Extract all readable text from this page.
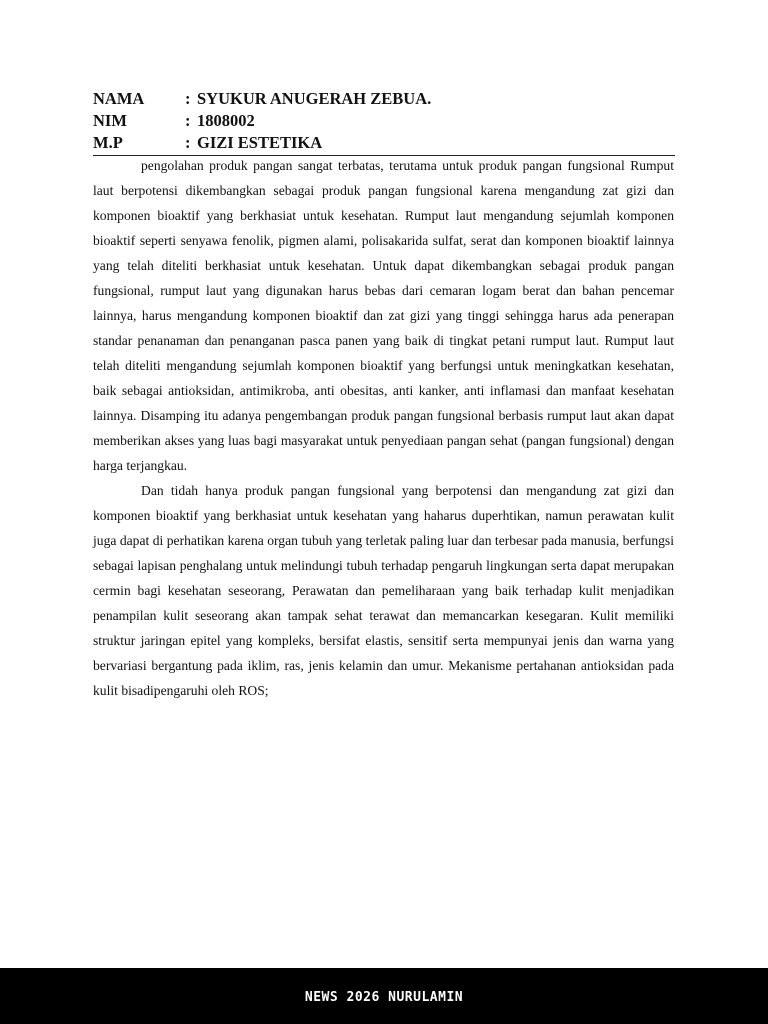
NAMA	: SYUKUR ANUGERAH ZEBUA.
NIM	: 1808002
M.P	: GIZI ESTETIKA

pengolahan produk pangan sangat terbatas, terutama untuk produk pangan fungsional Rumput laut berpotensi dikembangkan sebagai produk pangan fungsional karena mengandung zat gizi dan komponen bioaktif yang berkhasiat untuk kesehatan. Rumput laut mengandung sejumlah komponen bioaktif seperti senyawa fenolik, pigmen alami, polisakarida sulfat, serat dan komponen bioaktif lainnya yang telah diteliti berkhasiat untuk kesehatan. Untuk dapat dikembangkan sebagai produk pangan fungsional, rumput laut yang digunakan harus bebas dari cemaran logam berat dan bahan pencemar lainnya, harus mengandung komponen bioaktif dan zat gizi yang tinggi sehingga harus ada penerapan standar penanaman dan penanganan pasca panen yang baik di tingkat petani rumput laut. Rumput laut telah diteliti mengandung sejumlah komponen bioaktif yang berfungsi untuk meningkatkan kesehatan, baik sebagai antioksidan, antimikroba, anti obesitas, anti kanker, anti inflamasi dan manfaat kesehatan lainnya. Disamping itu adanya pengembangan produk pangan fungsional berbasis rumput laut akan dapat memberikan akses yang luas bagi masyarakat untuk penyediaan pangan sehat (pangan fungsional) dengan harga terjangkau.

Dan tidah hanya produk pangan fungsional yang berpotensi dan mengandung zat gizi dan komponen bioaktif yang berkhasiat untuk kesehatan yang haharus duperhtikan, namun perawatan kulit juga dapat di perhatikan karena organ tubuh yang terletak paling luar dan terbesar pada manusia, berfungsi sebagai lapisan penghalang untuk melindungi tubuh terhadap pengaruh lingkungan serta dapat merupakan cermin bagi kesehatan seseorang, Perawatan dan pemeliharaan yang baik terhadap kulit menjadikan penampilan kulit seseorang akan tampak sehat terawat dan memancarkan kesegaran. Kulit memiliki struktur jaringan epitel yang kompleks, bersifat elastis, sensitif serta mempunyai jenis dan warna yang bervariasi bergantung pada iklim, ras, jenis kelamin dan umur. Mekanisme pertahanan antioksidan pada kulit bisadipengaruhi oleh ROS;

NEWS 2026 NURULAMIN
